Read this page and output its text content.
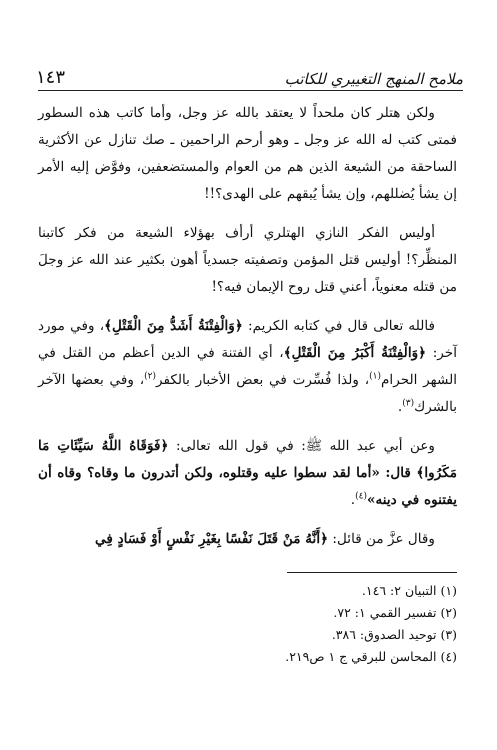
ملامح المنهج التغييري للكاتب
١٤٣

ولكن هتلر كان ملحداً لا يعتقد بالله عز وجل، وأما كاتب هذه السطور فمتى كتب له الله عز وجل ـ وهو أرحم الراحمين ـ صك تنازل عن الأكثرية الساحقة من الشيعة الذين هم من العوام والمستضعفين، وفوَّض إليه الأمر إن يشأ يُضللهم، وإن يشأ يُبقهم على الهدى؟!!

أوليس الفكر النازي الهتلري أرأف بهؤلاء الشيعة من فكر كاتبنا المنظِّر؟! أوليس قتل المؤمن وتصفيته جسدياً أهون بكثير عند الله عز وجلَ من قتله معنوياً، أعني قتل روح الإيمان فيه؟!

فالله تعالى قال في كتابه الكريم: ﴿وَالْفِتْنَةُ أَشَدُّ مِنَ الْقَتْلِ﴾، وفي مورد آخر: ﴿وَالْفِتْنَةُ أَكْبَرُ مِنَ الْقَتْلِ﴾، أي الفتنة في الدين أعظم من القتل في الشهر الحرام$^{(١)}$، ولذا فُسِّرت في بعض الأخبار بالكفر$^{(٢)}$، وفي بعضها الآخر بالشرك$^{(٣)}$.

وعن أبي عبد الله ﷺ: في قول الله تعالى: ﴿فَوَقَاهُ اللَّهُ سَيِّئَاتِ مَا مَكَرُوا﴾ قال: «أما لقد سطوا عليه وقتلوه، ولكن أتدرون ما وقاه؟ وقاه أن يفتنوه في دينه»$^{(٤)}$.

وقال عزَّ من قائل: ﴿أَنَّهُ مَنْ قَتَلَ نَفْسًا بِغَيْرِ نَفْسٍ أَوْ فَسَادٍ فِي

(١) التبيان ٢: ١٤٦.
(٢) تفسير القمي ١: ٧٢.
(٣) توحيد الصدوق: ٣٨٦.
(٤) المحاسن للبرقي ج ١ ص٢١٩.
